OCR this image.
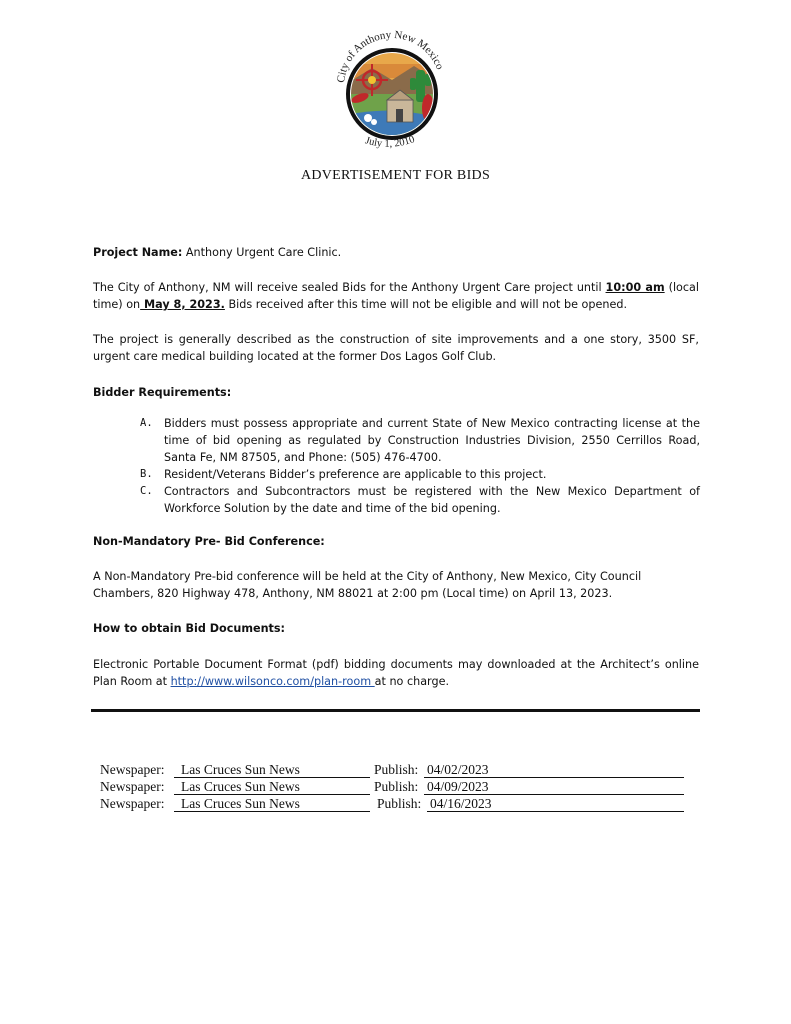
City of Anthony New Mexico
July 1, 2010
ADVERTISEMENT FOR BIDS
Project Name: Anthony Urgent Care Clinic.
The City of Anthony, NM will receive sealed Bids for the Anthony Urgent Care project until 10:00 am (local time) on May 8, 2023. Bids received after this time will not be eligible and will not be opened.
The project is generally described as the construction of site improvements and a one story, 3500 SF, urgent care medical building located at the former Dos Lagos Golf Club.
Bidder Requirements:
A.	Bidders must possess appropriate and current State of New Mexico contracting license at the time of bid opening as regulated by Construction Industries Division, 2550 Cerrillos Road, Santa Fe, NM 87505, and Phone: (505) 476-4700.
B.	Resident/Veterans Bidder’s preference are applicable to this project.
C.	Contractors and Subcontractors must be registered with the New Mexico Department of Workforce Solution by the date and time of the bid opening.
Non-Mandatory Pre- Bid Conference:
A Non-Mandatory Pre-bid conference will be held at the City of Anthony, New Mexico, City Council Chambers, 820 Highway 478, Anthony, NM 88021 at 2:00 pm (Local time) on April 13, 2023.
How to obtain Bid Documents:
Electronic Portable Document Format (pdf) bidding documents may downloaded at the Architect’s online Plan Room at http://www.wilsonco.com/plan-room at no charge.
Newspaper: Las Cruces Sun News	Publish: 04/02/2023
Newspaper: Las Cruces Sun News	Publish: 04/09/2023
Newspaper: Las Cruces Sun News	Publish: 04/16/2023
